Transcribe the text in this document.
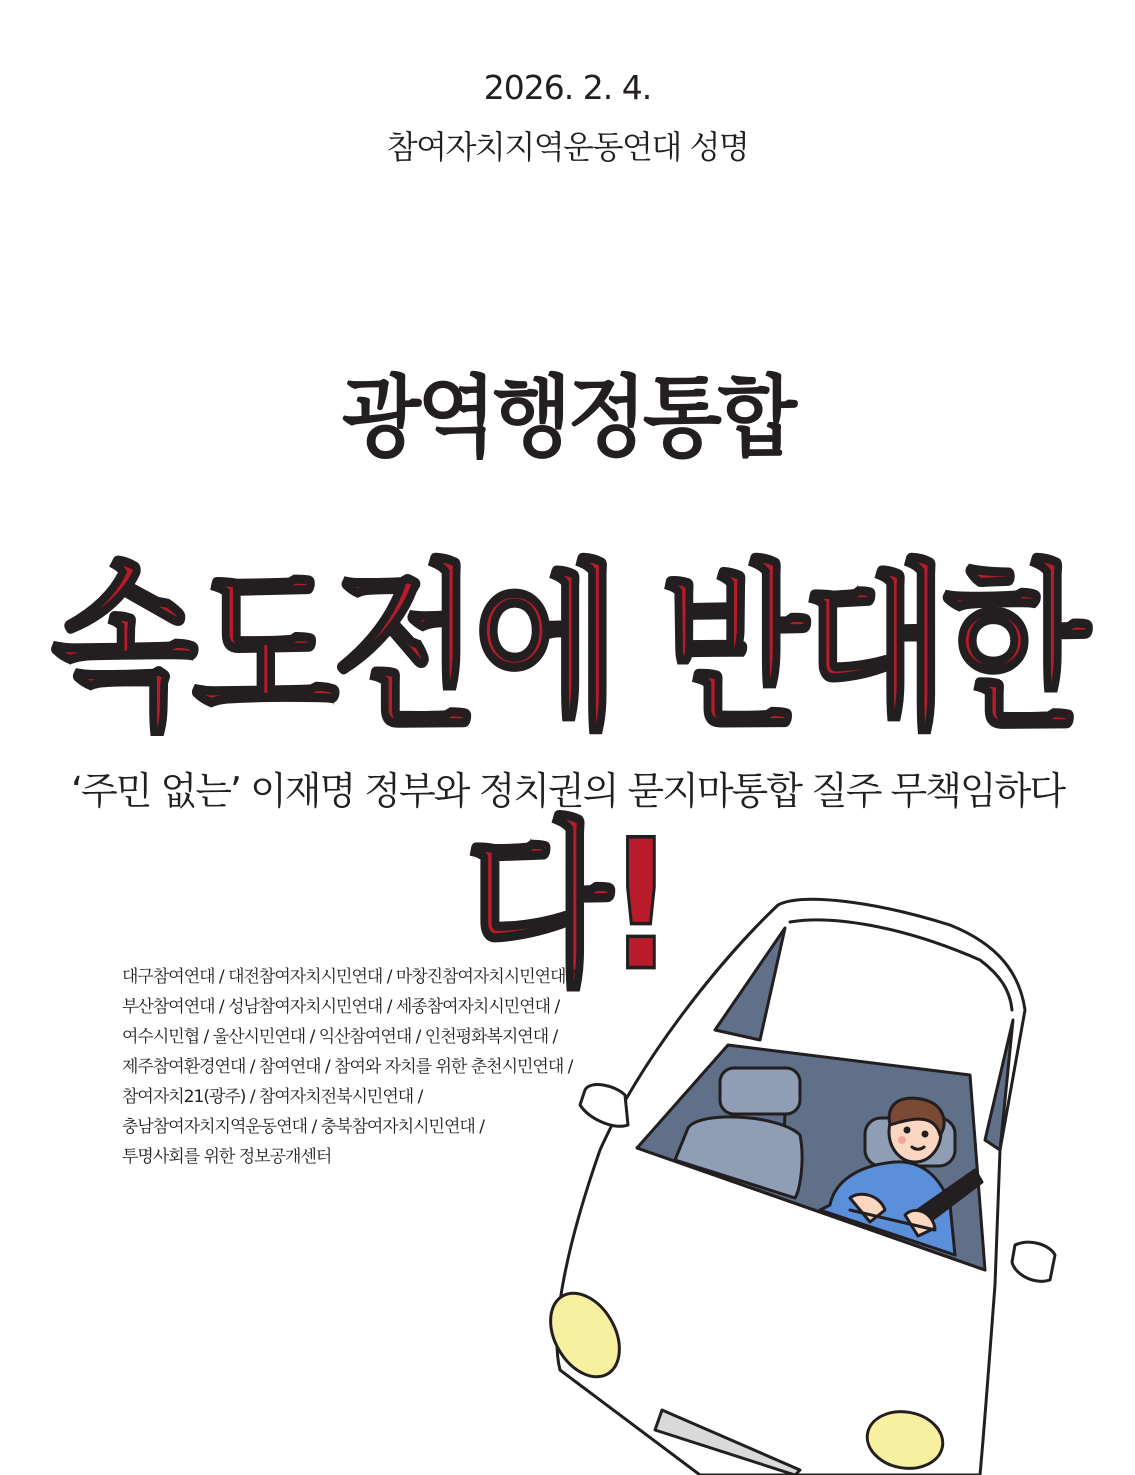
2026. 2. 4.
참여자치지역운동연대 성명
광역행정통합
속도전에 반대한다!
‘주민 없는’ 이재명 정부와 정치권의 묻지마통합 질주 무책임하다
대구참여연대 / 대전참여자치시민연대 / 마창진참여자치시민연대 /
부산참여연대 / 성남참여자치시민연대 / 세종참여자치시민연대 /
여수시민협 / 울산시민연대 / 익산참여연대 / 인천평화복지연대 /
제주참여환경연대 / 참여연대 / 참여와 자치를 위한 춘천시민연대 /
참여자치21(광주) / 참여자치전북시민연대 /
충남참여자치지역운동연대 / 충북참여자치시민연대 /
투명사회를 위한 정보공개센터
